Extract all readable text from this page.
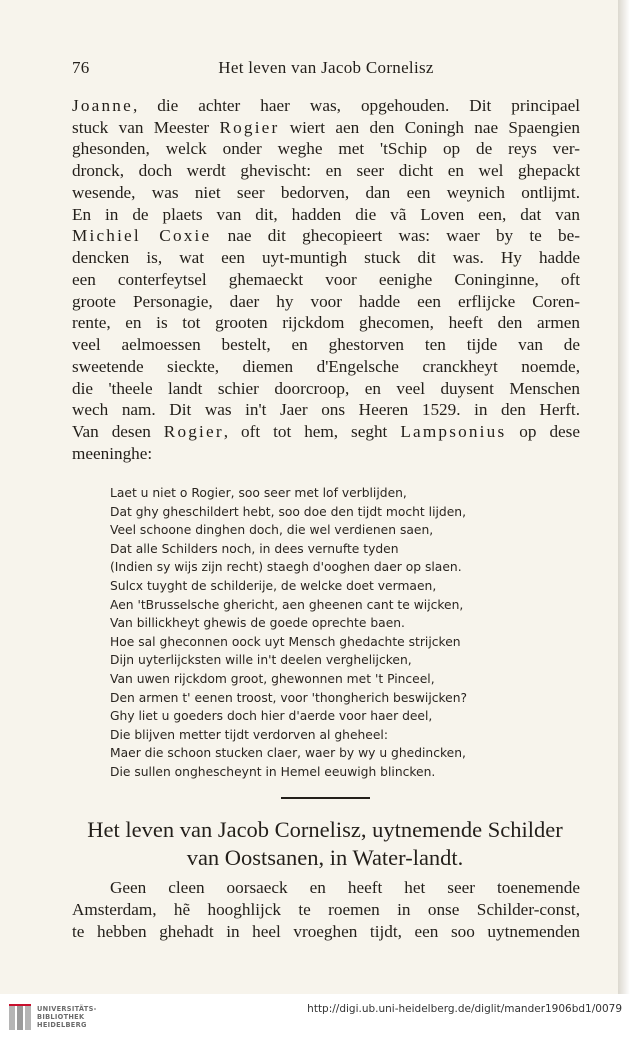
76	Het leven van Jacob Cornelisz
Joanne, die achter haer was, opgehouden. Dit principael
stuck van Meester Rogier wiert aen den Coningh nae Spaengien
ghesonden, welck onder weghe met 'tSchip op de reys ver-
dronck, doch werdt ghevischt: en seer dicht en wel ghepackt
wesende, was niet seer bedorven, dan een weynich ontlijmt.
En in de plaets van dit, hadden die vã Loven een, dat van
Michiel Coxie nae dit ghecopieert was: waer by te be-
dencken is, wat een uyt-muntigh stuck dit was. Hy hadde
een conterfeytsel ghemaeckt voor eenighe Coninginne, oft
groote Personagie, daer hy voor hadde een erflijcke Coren-
rente, en is tot grooten rijckdom ghecomen, heeft den armen
veel aelmoessen bestelt, en ghestorven ten tijde van de
sweetende sieckte, diemen d'Engelsche cranckheyt noemde,
die 'theele landt schier doorcroop, en veel duysent Menschen
wech nam. Dit was in't Jaer ons Heeren 1529. in den Herft.
Van desen Rogier, oft tot hem, seght Lampsonius op dese
meeninghe:
Laet u niet o Rogier, soo seer met lof verblijden,
Dat ghy gheschildert hebt, soo doe den tijdt mocht lijden,
Veel schoone dinghen doch, die wel verdienen saen,
Dat alle Schilders noch, in dees vernufte tyden
(Indien sy wijs zijn recht) staegh d'ooghen daer op slaen.
Sulcx tuyght de schilderije, de welcke doet vermaen,
Aen 'tBrusselsche ghericht, aen gheenen cant te wijcken,
Van billickheyt ghewis de goede oprechte baen.
Hoe sal gheconnen oock uyt Mensch ghedachte strijcken
Dijn uyterlijcksten wille in't deelen verghelijcken,
Van uwen rijckdom groot, ghewonnen met 't Pinceel,
Den armen t' eenen troost, voor 'thongherich beswijcken?
Ghy liet u goeders doch hier d'aerde voor haer deel,
Die blijven metter tijdt verdorven al gheheel:
Maer die schoon stucken claer, waer by wy u ghedincken,
Die sullen onghescheynt in Hemel eeuwigh blincken.
Het leven van Jacob Cornelisz, uytnemende Schilder
van Oostsanen, in Water-landt.
Geen cleen oorsaeck en heeft het seer toenemende
Amsterdam, hẽ hooghlijck te roemen in onse Schilder-const,
te hebben ghehadt in heel vroeghen tijdt, een soo uytnemenden
UNIVERSITÄTS-
BIBLIOTHEK
HEIDELBERG
http://digi.ub.uni-heidelberg.de/diglit/mander1906bd1/0079
